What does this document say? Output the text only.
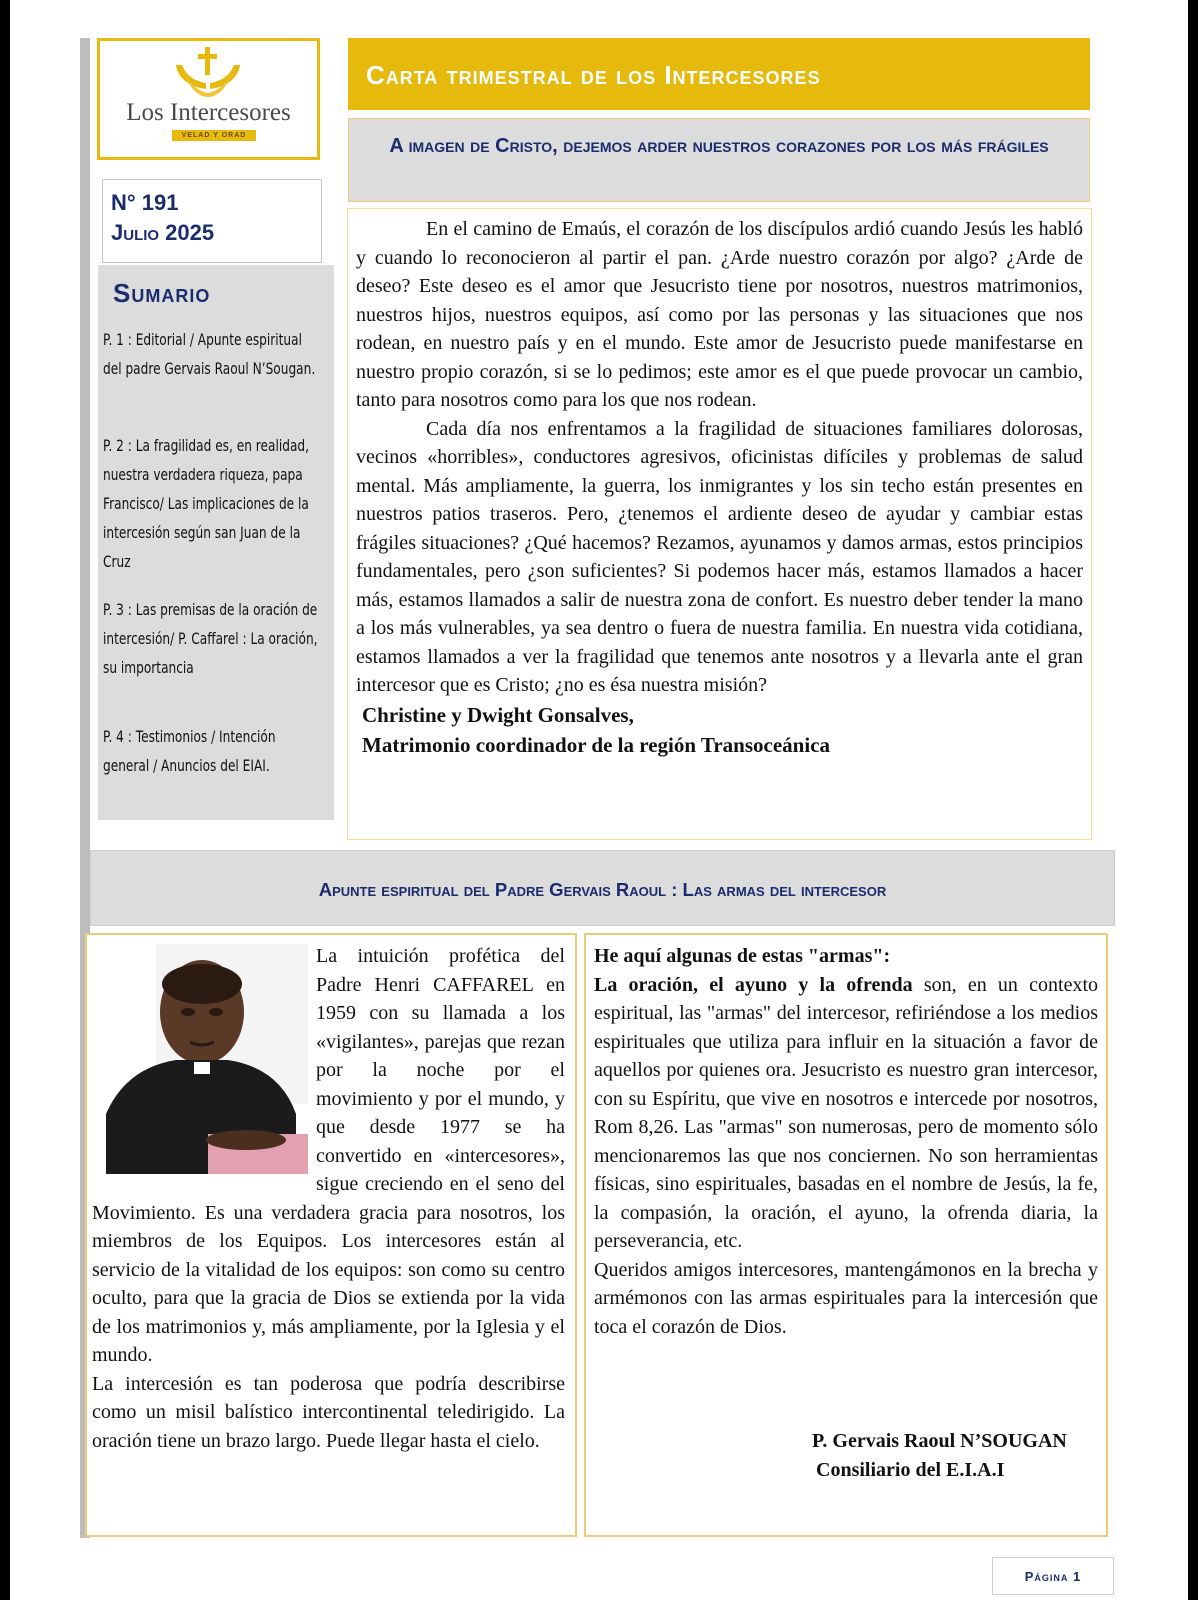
Los Intercesores
VELAD Y ORAD
Carta trimestral de los Intercesores
A imagen de Cristo, dejemos arder nuestros corazones por los más frágiles
N° 191
Julio 2025
Sumario
P. 1 : Editorial / Apunte espiritual del padre Gervais Raoul N’Sougan.
P. 2 : La fragilidad es, en realidad, nuestra verdadera riqueza, papa Francisco/ Las implicaciones de la intercesión según san Juan de la Cruz
P. 3 : Las premisas de la oración de intercesión/ P. Caffarel : La oración, su importancia
P. 4 : Testimonios / Intención general / Anuncios del EIAI.

En el camino de Emaús, el corazón de los discípulos ardió cuando Jesús les habló y cuando lo reconocieron al partir el pan. ¿Arde nuestro corazón por algo? ¿Arde de deseo? Este deseo es el amor que Jesucristo tiene por nosotros, nuestros matrimonios, nuestros hijos, nuestros equipos, así como por las personas y las situaciones que nos rodean, en nuestro país y en el mundo. Este amor de Jesucristo puede manifestarse en nuestro propio corazón, si se lo pedimos; este amor es el que puede provocar un cambio, tanto para nosotros como para los que nos rodean.

Cada día nos enfrentamos a la fragilidad de situaciones familiares dolorosas, vecinos «horribles», conductores agresivos, oficinistas difíciles y problemas de salud mental. Más ampliamente, la guerra, los inmigrantes y los sin techo están presentes en nuestros patios traseros. Pero, ¿tenemos el ardiente deseo de ayudar y cambiar estas frágiles situaciones? ¿Qué hacemos? Rezamos, ayunamos y damos armas, estos principios fundamentales, pero ¿son suficientes? Si podemos hacer más, estamos llamados a hacer más, estamos llamados a salir de nuestra zona de confort. Es nuestro deber tender la mano a los más vulnerables, ya sea dentro o fuera de nuestra familia. En nuestra vida cotidiana, estamos llamados a ver la fragilidad que tenemos ante nosotros y a llevarla ante el gran intercesor que es Cristo; ¿no es ésa nuestra misión?

Christine y Dwight Gonsalves,
Matrimonio coordinador de la región Transoceánica
Apunte espiritual del Padre Gervais Raoul : Las armas del intercesor

La intuición profética del Padre Henri CAFFAREL en 1959 con su llamada a los «vigilantes», parejas que rezan por la noche por el movimiento y por el mundo, y que desde 1977 se ha convertido en «intercesores», sigue creciendo en el seno del Movimiento. Es una verdadera gracia para nosotros, los miembros de los Equipos. Los intercesores están al servicio de la vitalidad de los equipos: son como su centro oculto, para que la gracia de Dios se extienda por la vida de los matrimonios y, más ampliamente, por la Iglesia y el mundo.

La intercesión es tan poderosa que podría describirse como un misil balístico intercontinental teledirigido. La oración tiene un brazo largo. Puede llegar hasta el cielo.

He aquí algunas de estas "armas":

La oración, el ayuno y la ofrenda son, en un contexto espiritual, las "armas" del intercesor, refiriéndose a los medios espirituales que utiliza para influir en la situación a favor de aquellos por quienes ora. Jesucristo es nuestro gran intercesor, con su Espíritu, que vive en nosotros e intercede por nosotros, Rom 8,26. Las "armas" son numerosas, pero de momento sólo mencionaremos las que nos conciernen. No son herramientas físicas, sino espirituales, basadas en el nombre de Jesús, la fe, la compasión, la oración, el ayuno, la ofrenda diaria, la perseverancia, etc.

Queridos amigos intercesores, mantengámonos en la brecha y armémonos con las armas espirituales para la intercesión que toca el corazón de Dios.

P. Gervais Raoul N’SOUGAN
Consiliario del E.I.A.I
Página 1
